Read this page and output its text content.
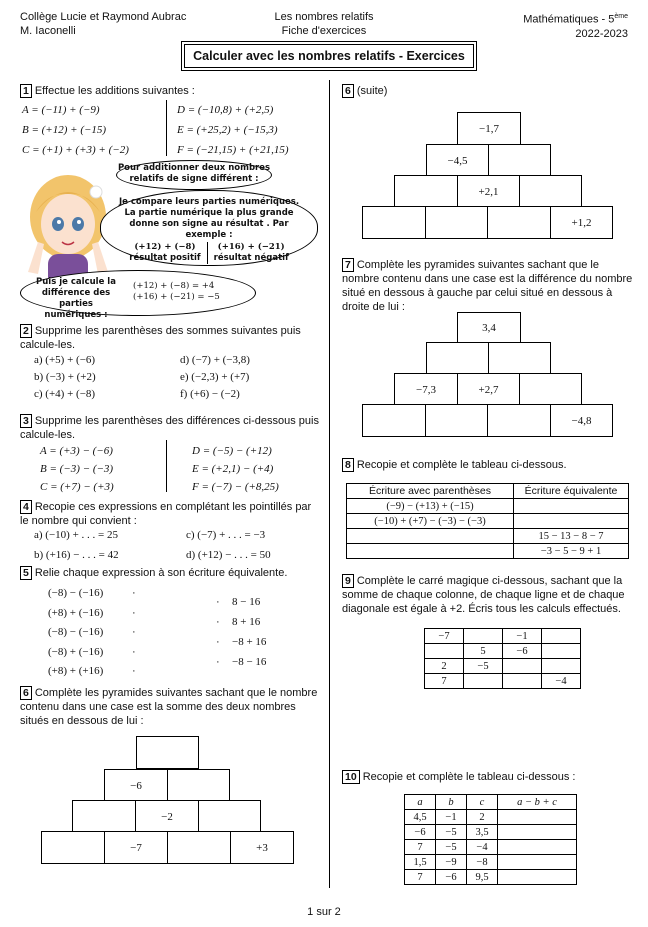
Collège Lucie et Raymond Aubrac
M. Iaconelli
Les nombres relatifs
Fiche d'exercices
Mathématiques - 5ème
2022-2023
Calculer avec les nombres relatifs - Exercices
1 Effectue les additions suivantes :
A = (−11) + (−9)
B = (+12) + (−15)
C = (+1) + (+3) + (−2)
D = (−10,8) + (+2,5)
E = (+25,2) + (−15,3)
F = (−21,15) + (+21,15)
Pour additionner deux nombres relatifs de signe différent :
Je compare leurs parties numériques. La partie numérique la plus grande donne son signe au résultat . Par exemple :
(+12) + (−8)
résultat positif
(+16) + (−21)
résultat négatif
Puis je calcule la différence des parties numériques :
(+12) + (−8) = +4
(+16) + (−21) = −5
2 Supprime les parenthèses des sommes suivantes puis calcule-les.
a) (+5) + (−6)
b) (−3) + (+2)
c) (+4) + (−8)
d) (−7) + (−3,8)
e) (−2,3) + (+7)
f) (+6) − (−2)
3 Supprime les parenthèses des différences ci-dessous puis calcule-les.
A = (+3) − (−6)
B = (−3) − (−3)
C = (+7) − (+3)
D = (−5) − (+12)
E = (+2,1) − (+4)
F = (−7) − (+8,25)
4 Recopie ces expressions en complétant les pointillés par le nombre qui convient :
a) (−10) + . . . = 25	c) (−7) + . . . = −3
b) (+16) − . . . = 42	d) (+12) − . . . = 50
5 Relie chaque expression à son écriture équivalente.
(−8) − (−16)
(+8) + (−16)
(−8) − (−16)
(−8) + (−16)
(+8) + (+16)
·
·
·
·
·
·
·
·
·
8 − 16
8 + 16
−8 + 16
−8 − 16
6 Complète les pyramides suivantes sachant que le nombre contenu dans une case est la somme des deux nombres situés en dessous de lui :
−6
−2
−7	+3
6 (suite)
−1,7
−4,5
+2,1
+1,2
7 Complète les pyramides suivantes sachant que le nombre contenu dans une case est la différence du nombre situé en dessous à gauche par celui situé en dessous à droite de lui :
3,4
−7,3	+2,7
−4,8
8 Recopie et complète le tableau ci-dessous.
Écriture avec parenthèses	Écriture équivalente
(−9) − (+13) + (−15)	
(−10) + (+7) − (−3) − (−3)	
	15 − 13 − 8 − 7
	−3 − 5 − 9 + 1
9 Complète le carré magique ci-dessous, sachant que la somme de chaque colonne, de chaque ligne et de chaque diagonale est égale à +2. Écris tous les calculs effectués.
−7		−1	
	5	−6	
2	−5		
7			−4
10 Recopie et complète le tableau ci-dessous :
a	b	c	a − b + c
4,5	−1	2	
−6	−5	3,5	
7	−5	−4	
1,5	−9	−8	
7	−6	9,5	
1 sur 2
